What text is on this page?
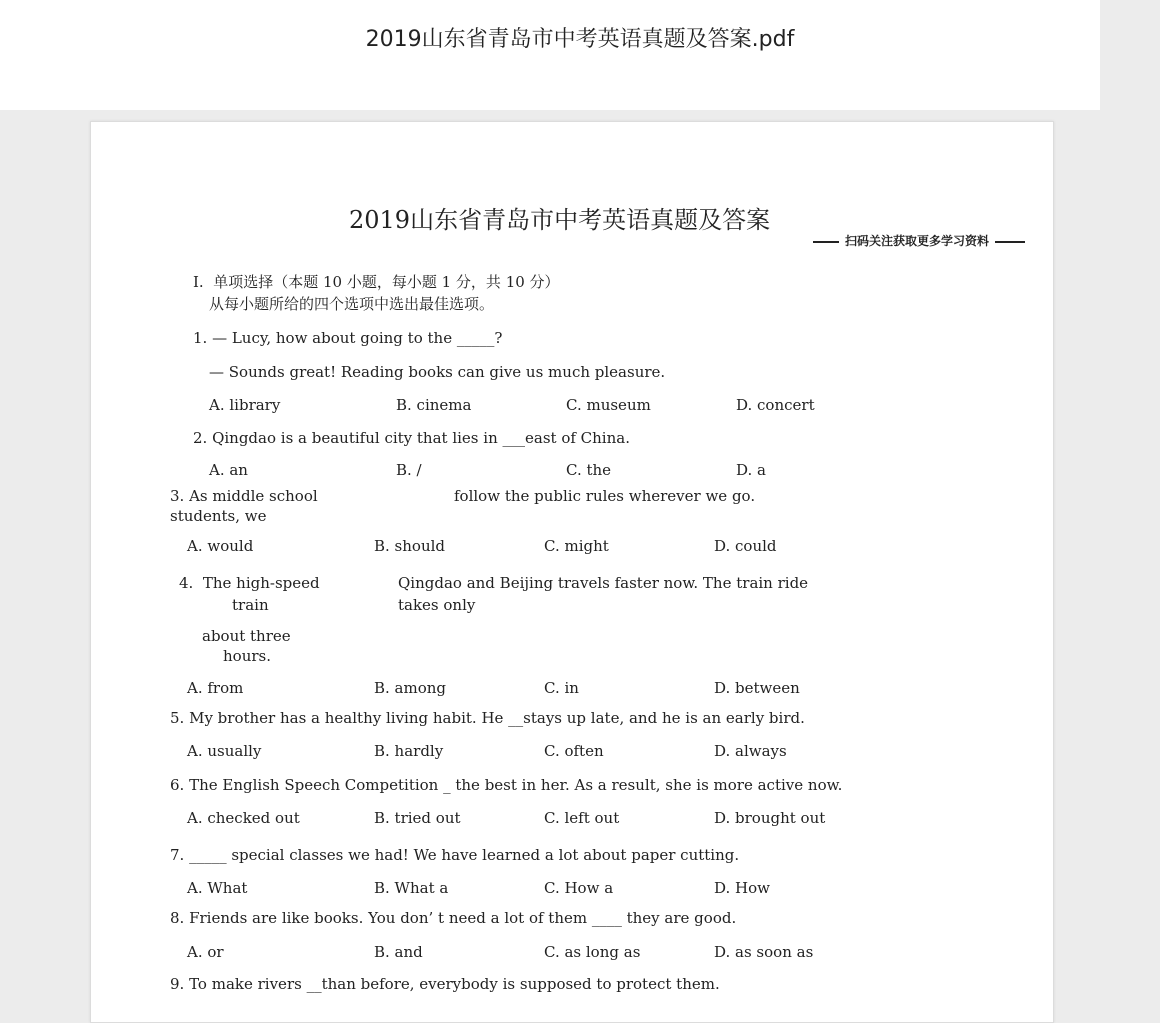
2019山东省青岛市中考英语真题及答案.pdf
2019山东省青岛市中考英语真题及答案
扫码关注获取更多学习资料
I.  单项选择（本题 10 小题，每小题 1 分，共 10 分）
从每小题所给的四个选项中选出最佳选项。
1. — Lucy, how about going to the _____?
— Sounds great! Reading books can give us much pleasure.
A. library	B. cinema	C. museum	D. concert
2. Qingdao is a beautiful city that lies in ___east of China.
A. an	B. /	C. the	D. a
3. As middle school
students, we
follow the public rules wherever we go.
A. would	B. should	C. might	D. could
4.  The high-speed
train
Qingdao and Beijing travels faster now. The train ride
takes only
about three
hours.
A. from	B. among	C. in	D. between
5. My brother has a healthy living habit. He __stays up late, and he is an early bird.
A. usually	B. hardly	C. often	D. always
6. The English Speech Competition _ the best in her. As a result, she is more active now.
A. checked out	B. tried out	C. left out	D. brought out
7. _____ special classes we had! We have learned a lot about paper cutting.
A. What	B. What a	C. How a	D. How
8. Friends are like books. You don’ t need a lot of them ____ they are good.
A. or	B. and	C. as long as	D. as soon as
9. To make rivers __than before, everybody is supposed to protect them.
